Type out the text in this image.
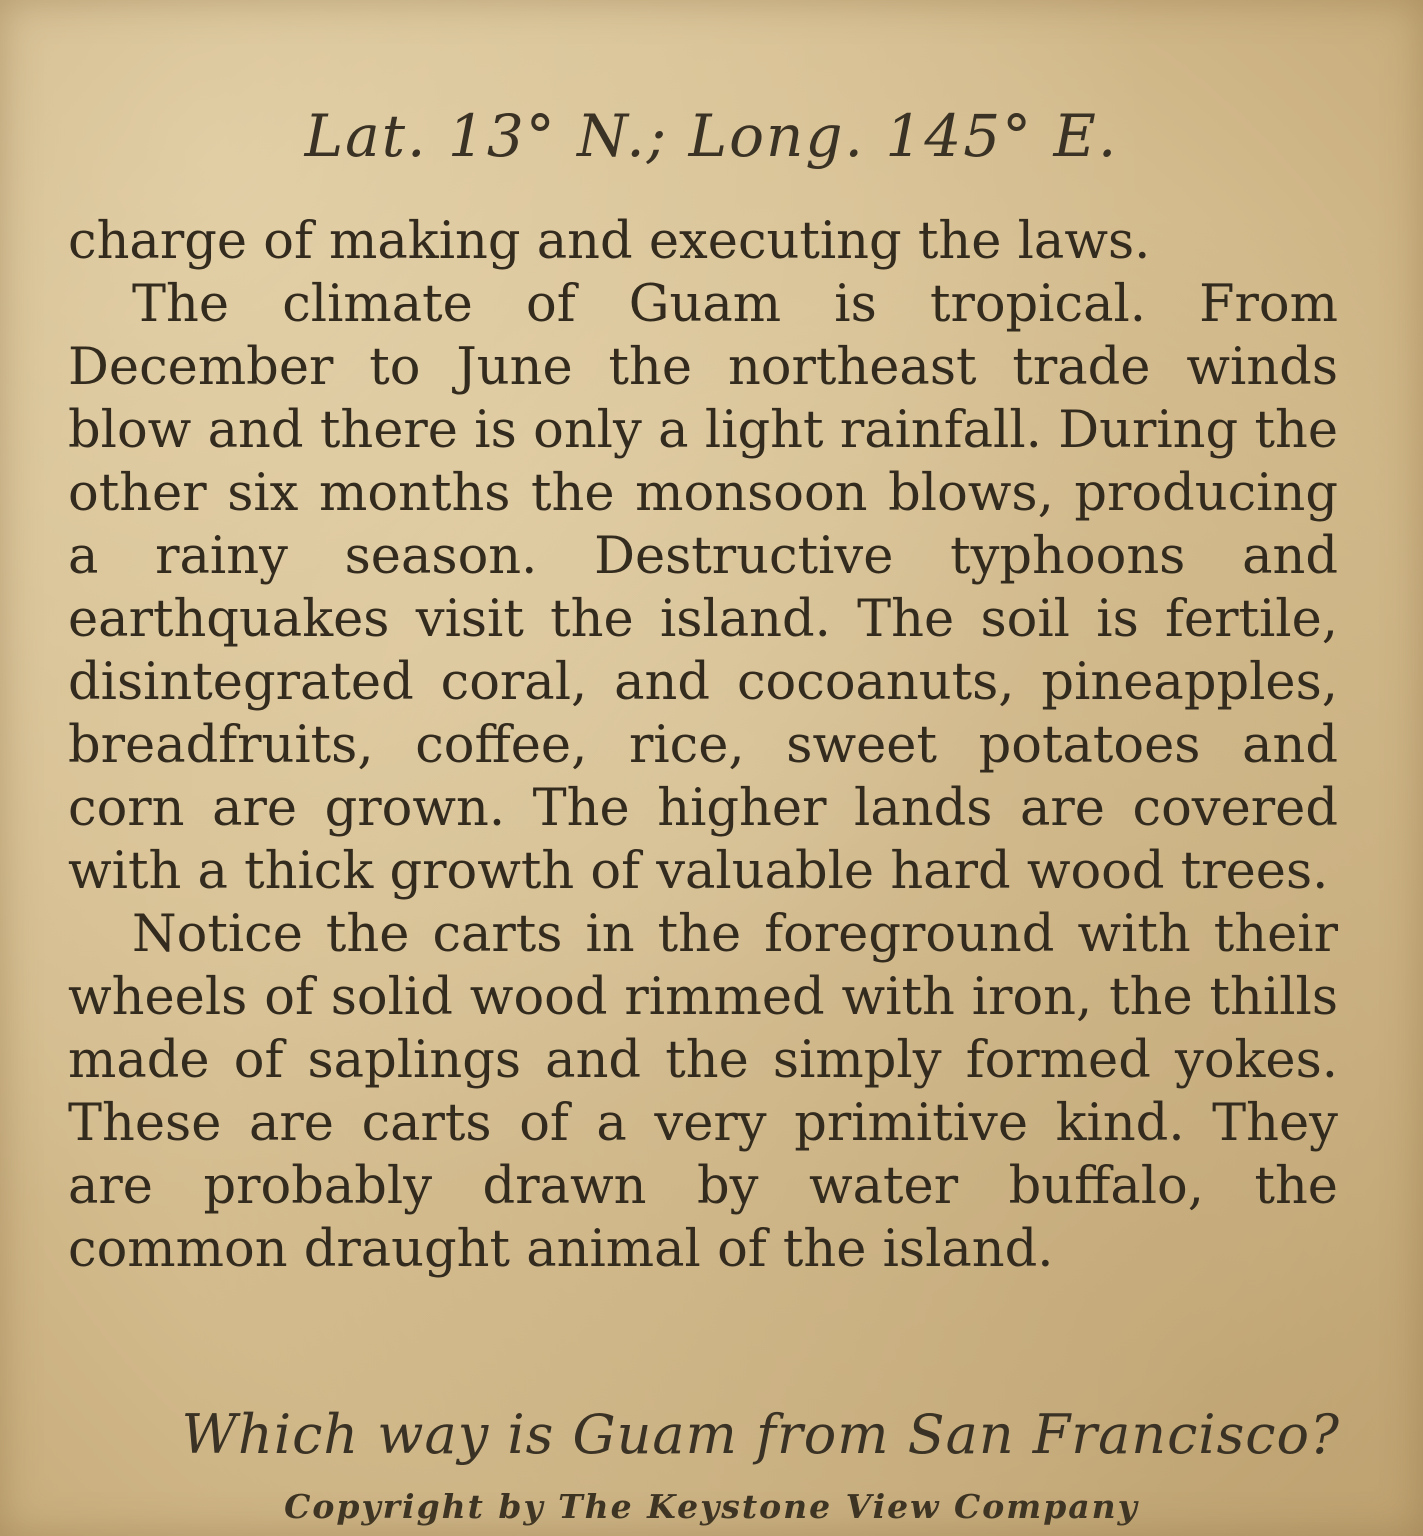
Lat. 13° N.; Long. 145° E.

charge of making and executing the laws.

The climate of Guam is tropical. From December to June the northeast trade winds blow and there is only a light rainfall. During the other six months the monsoon blows, producing a rainy season. Destructive typhoons and earthquakes visit the island. The soil is fertile, disintegrated coral, and cocoanuts, pineapples, breadfruits, coffee, rice, sweet potatoes and corn are grown. The higher lands are covered with a thick growth of valuable hard wood trees.

Notice the carts in the foreground with their wheels of solid wood rimmed with iron, the thills made of saplings and the simply formed yokes. These are carts of a very primitive kind. They are probably drawn by water buffalo, the common draught animal of the island.

Which way is Guam from San Francisco?
Copyright by The Keystone View Company
